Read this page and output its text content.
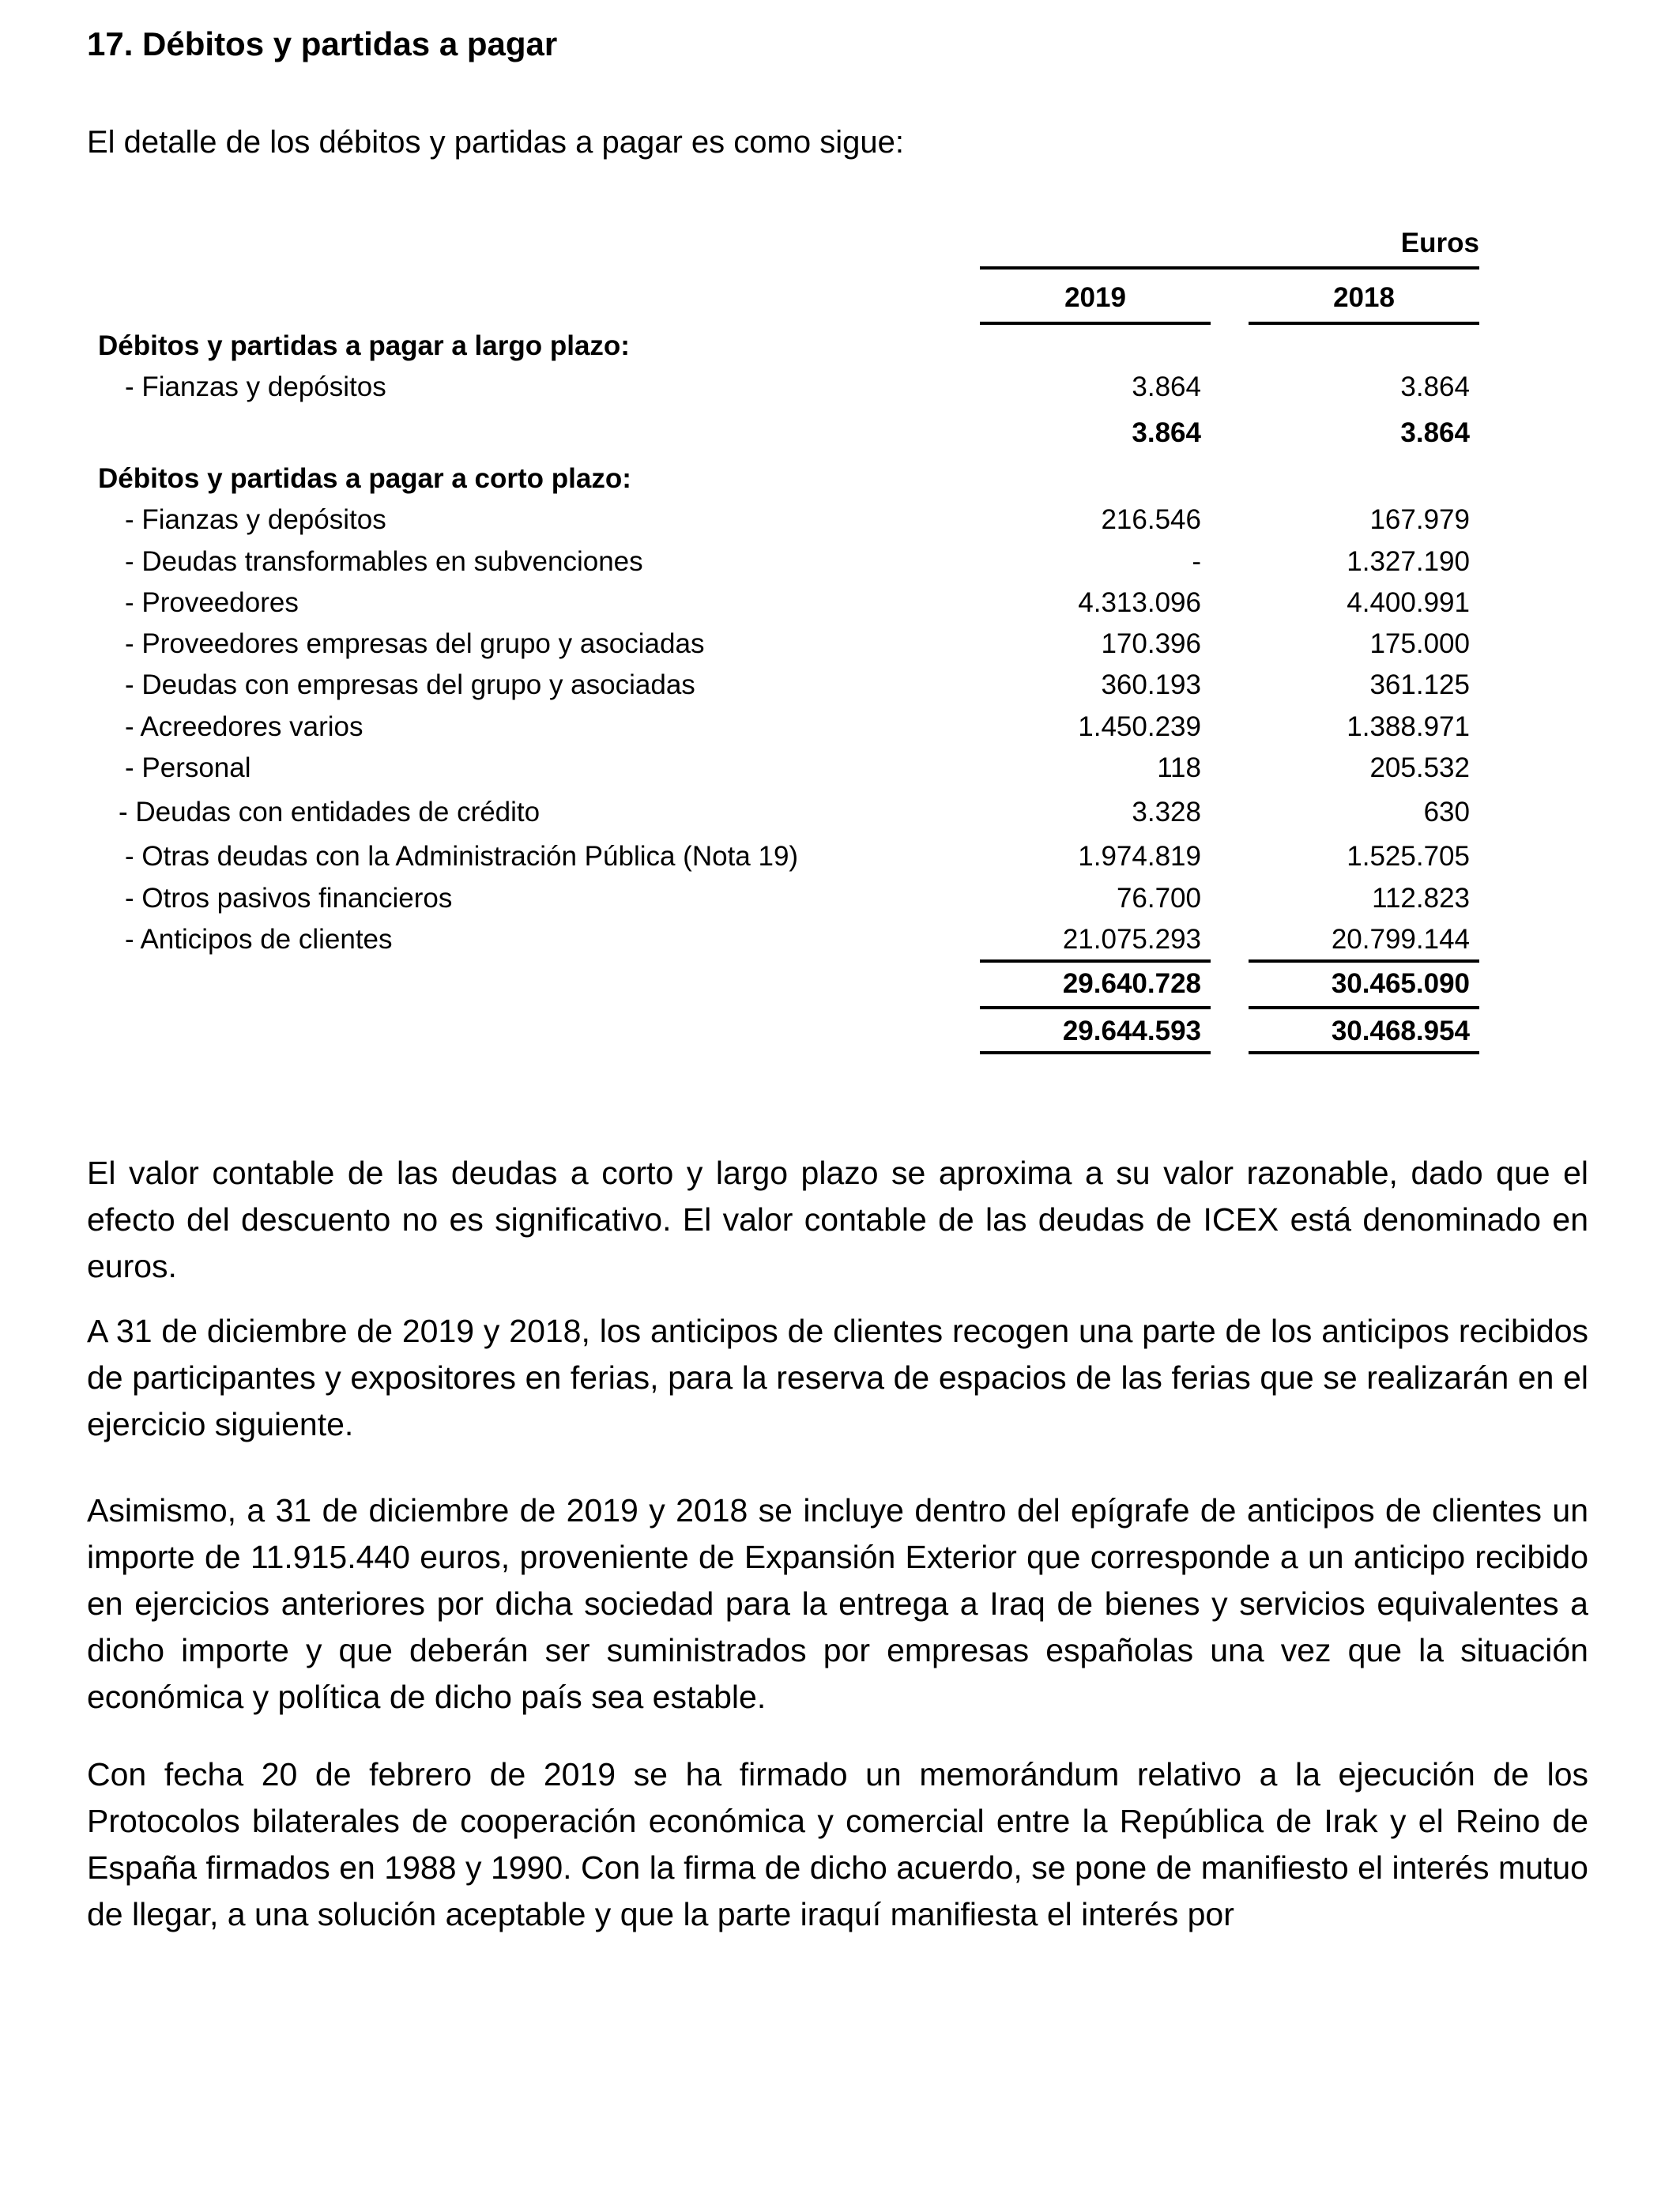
17. Débitos y partidas a pagar
El detalle de los débitos y partidas a pagar es como sigue:
Euros
2019	2018
Débitos y partidas a pagar a largo plazo:
- Fianzas y depósitos	3.864	3.864
3.864	3.864
Débitos y partidas a pagar a corto plazo:
- Fianzas y depósitos	216.546	167.979
- Deudas transformables en subvenciones	-	1.327.190
- Proveedores	4.313.096	4.400.991
- Proveedores empresas del grupo y asociadas	170.396	175.000
- Deudas con empresas del grupo y asociadas	360.193	361.125
- Acreedores varios	1.450.239	1.388.971
- Personal	118	205.532
- Deudas con entidades de crédito	3.328	630
- Otras deudas con la Administración Pública (Nota 19)	1.974.819	1.525.705
- Otros pasivos financieros	76.700	112.823
- Anticipos de clientes	21.075.293	20.799.144
29.640.728	30.465.090
29.644.593	30.468.954
El valor contable de las deudas a corto y largo plazo se aproxima a su valor razonable, dado que el efecto del descuento no es significativo. El valor contable de las deudas de ICEX está denominado en euros.
A 31 de diciembre de 2019 y 2018, los anticipos de clientes recogen una parte de los anticipos recibidos de participantes y expositores en ferias, para la reserva de espacios de las ferias que se realizarán en el ejercicio siguiente.
Asimismo, a 31 de diciembre de 2019 y 2018 se incluye dentro del epígrafe de anticipos de clientes un importe de 11.915.440 euros, proveniente de Expansión Exterior que corresponde a un anticipo recibido en ejercicios anteriores por dicha sociedad para la entrega a Iraq de bienes y servicios equivalentes a dicho importe y que deberán ser suministrados por empresas españolas una vez que la situación económica y política de dicho país sea estable.
Con fecha 20 de febrero de 2019 se ha firmado un memorándum relativo a la ejecución de los Protocolos bilaterales de cooperación económica y comercial entre la República de Irak y el Reino de España firmados en 1988 y 1990. Con la firma de dicho acuerdo, se pone de manifiesto el interés mutuo de llegar, a una solución aceptable y que la parte iraquí manifiesta el interés por
